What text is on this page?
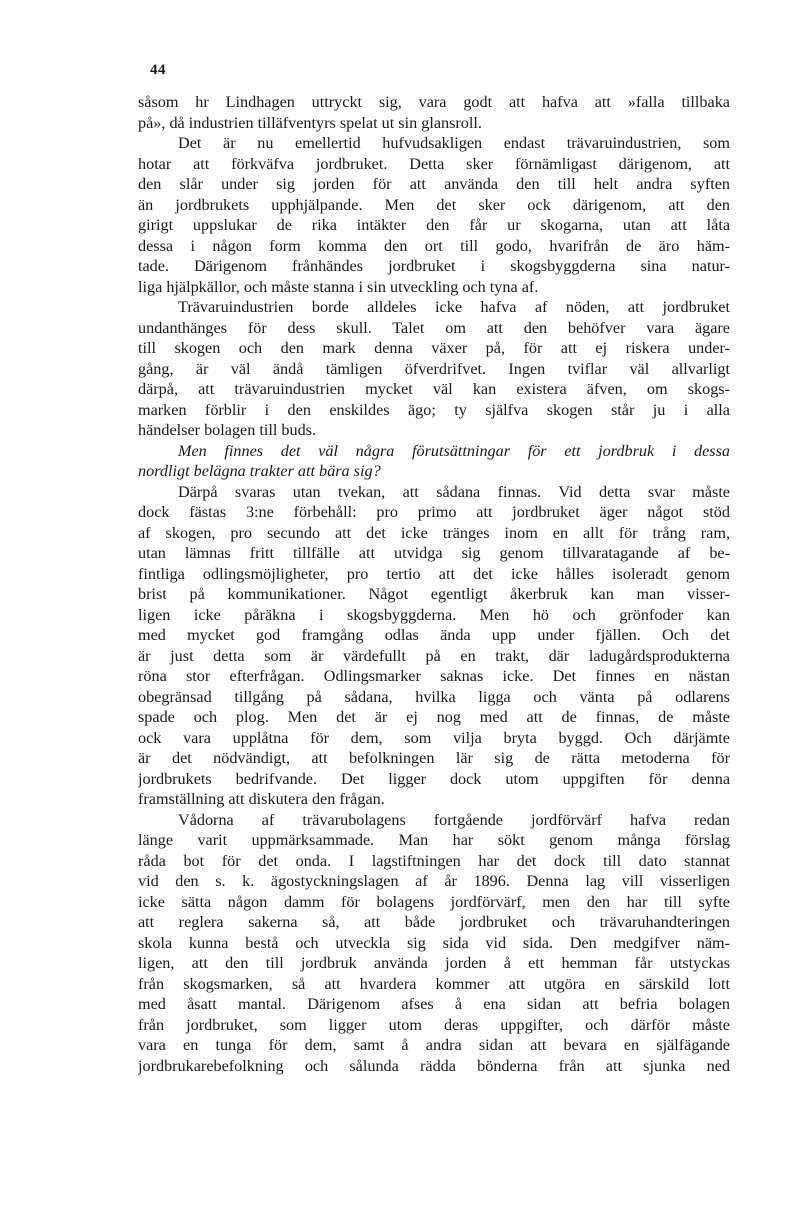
44
såsom hr Lindhagen uttryckt sig, vara godt att hafva att »falla tillbaka
på», då industrien tilläfventyrs spelat ut sin glansroll.
Det är nu emellertid hufvudsakligen endast trävaruindustrien, som
hotar att förkväfva jordbruket. Detta sker förnämligast därigenom, att
den slår under sig jorden för att använda den till helt andra syften
än jordbrukets upphjälpande. Men det sker ock därigenom, att den
girigt uppslukar de rika intäkter den får ur skogarna, utan att låta
dessa i någon form komma den ort till godo, hvarifrån de äro häm-
tade. Därigenom frånhändes jordbruket i skogsbyggderna sina natur-
liga hjälpkällor, och måste stanna i sin utveckling och tyna af.
Trävaruindustrien borde alldeles icke hafva af nöden, att jordbruket
undanthänges för dess skull. Talet om att den behöfver vara ägare
till skogen och den mark denna växer på, för att ej riskera under-
gång, är väl ändå tämligen öfverdrifvet. Ingen tviflar väl allvarligt
därpå, att trävaruindustrien mycket väl kan existera äfven, om skogs-
marken förblir i den enskildes ägo; ty själfva skogen står ju i alla
händelser bolagen till buds.
Men finnes det väl några förutsättningar för ett jordbruk i dessa
nordligt belägna trakter att bära sig?
Därpå svaras utan tvekan, att sådana finnas. Vid detta svar måste
dock fästas 3:ne förbehåll: pro primo att jordbruket äger något stöd
af skogen, pro secundo att det icke tränges inom en allt för trång ram,
utan lämnas fritt tillfälle att utvidga sig genom tillvaratagande af be-
fintliga odlingsmöjligheter, pro tertio att det icke hålles isoleradt genom
brist på kommunikationer. Något egentligt åkerbruk kan man visser-
ligen icke påräkna i skogsbyggderna. Men hö och grönfoder kan
med mycket god framgång odlas ända upp under fjällen. Och det
är just detta som är värdefullt på en trakt, där ladugårdsprodukterna
röna stor efterfrågan. Odlingsmarker saknas icke. Det finnes en nästan
obegränsad tillgång på sådana, hvilka ligga och vänta på odlarens
spade och plog. Men det är ej nog med att de finnas, de måste
ock vara upplåtna för dem, som vilja bryta byggd. Och därjämte
är det nödvändigt, att befolkningen lär sig de rätta metoderna för
jordbrukets bedrifvande. Det ligger dock utom uppgiften för denna
framställning att diskutera den frågan.
Vådorna af trävarubolagens fortgående jordförvärf hafva redan
länge varit uppmärksammade. Man har sökt genom många förslag
råda bot för det onda. I lagstiftningen har det dock till dato stannat
vid den s. k. ägostyckningslagen af år 1896. Denna lag vill visserligen
icke sätta någon damm för bolagens jordförvärf, men den har till syfte
att reglera sakerna så, att både jordbruket och trävaruhandteringen
skola kunna bestå och utveckla sig sida vid sida. Den medgifver näm-
ligen, att den till jordbruk använda jorden å ett hemman får utstyckas
från skogsmarken, så att hvardera kommer att utgöra en särskild lott
med åsatt mantal. Därigenom afses å ena sidan att befria bolagen
från jordbruket, som ligger utom deras uppgifter, och därför måste
vara en tunga för dem, samt å andra sidan att bevara en själfägande
jordbrukarebefolkning och sålunda rädda bönderna från att sjunka ned
